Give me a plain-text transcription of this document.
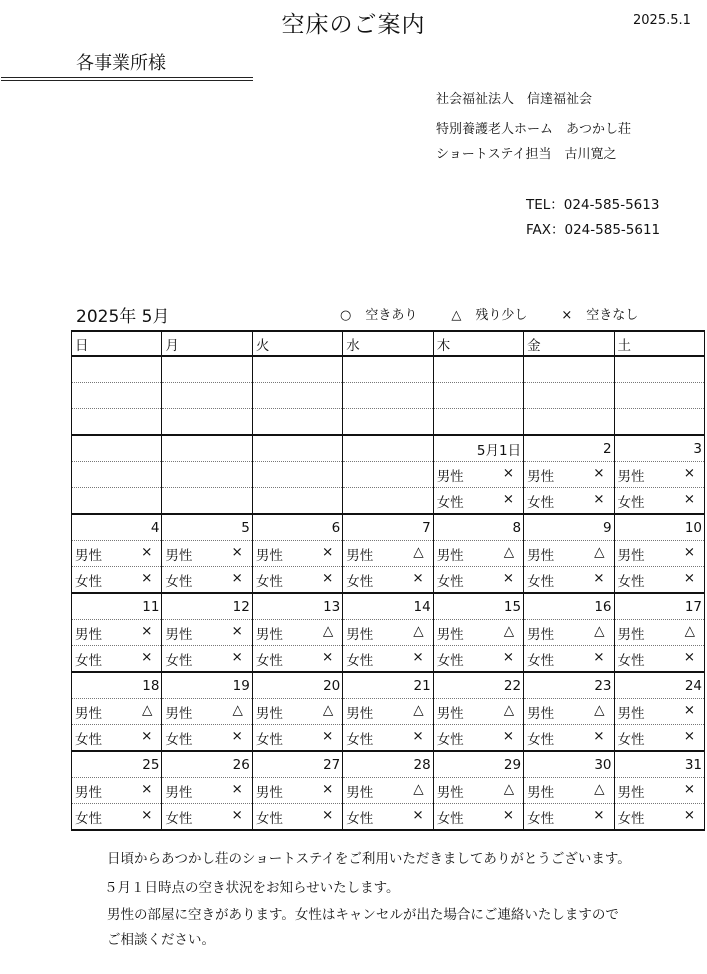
空床のご案内	2025.5.1
各事業所様
社会福祉法人　信達福祉会
特別養護老人ホーム　あつかし荘
ショートステイ担当　古川寛之
TEL：024-585-5613
FAX：024-585-5611
2025年 5月	○ 空きあり	△ 残り少し	× 空きなし
日	月	火	水	木	金	土

				5月1日	2	3

				男性 ×	男性 ×	男性 ×

				女性 ×	女性 ×	女性 ×

4	5	6	7	8	9	10

男性 ×	男性 ×	男性 ×	男性 △	男性 △	男性 △	男性 ×

女性 ×	女性 ×	女性 ×	女性 ×	女性 ×	女性 ×	女性 ×

11	12	13	14	15	16	17

男性 ×	男性 ×	男性 △	男性 △	男性 △	男性 △	男性 △

女性 ×	女性 ×	女性 ×	女性 ×	女性 ×	女性 ×	女性 ×

18	19	20	21	22	23	24

男性 △	男性 △	男性 △	男性 △	男性 △	男性 △	男性 ×

女性 ×	女性 ×	女性 ×	女性 ×	女性 ×	女性 ×	女性 ×

25	26	27	28	29	30	31

男性 ×	男性 ×	男性 ×	男性 △	男性 △	男性 △	男性 ×

女性 ×	女性 ×	女性 ×	女性 ×	女性 ×	女性 ×	女性 ×
日頃からあつかし荘のショートステイをご利用いただきましてありがとうございます。
５月１日時点の空き状況をお知らせいたします。
男性の部屋に空きがあります。女性はキャンセルが出た場合にご連絡いたしますので
ご相談ください。
